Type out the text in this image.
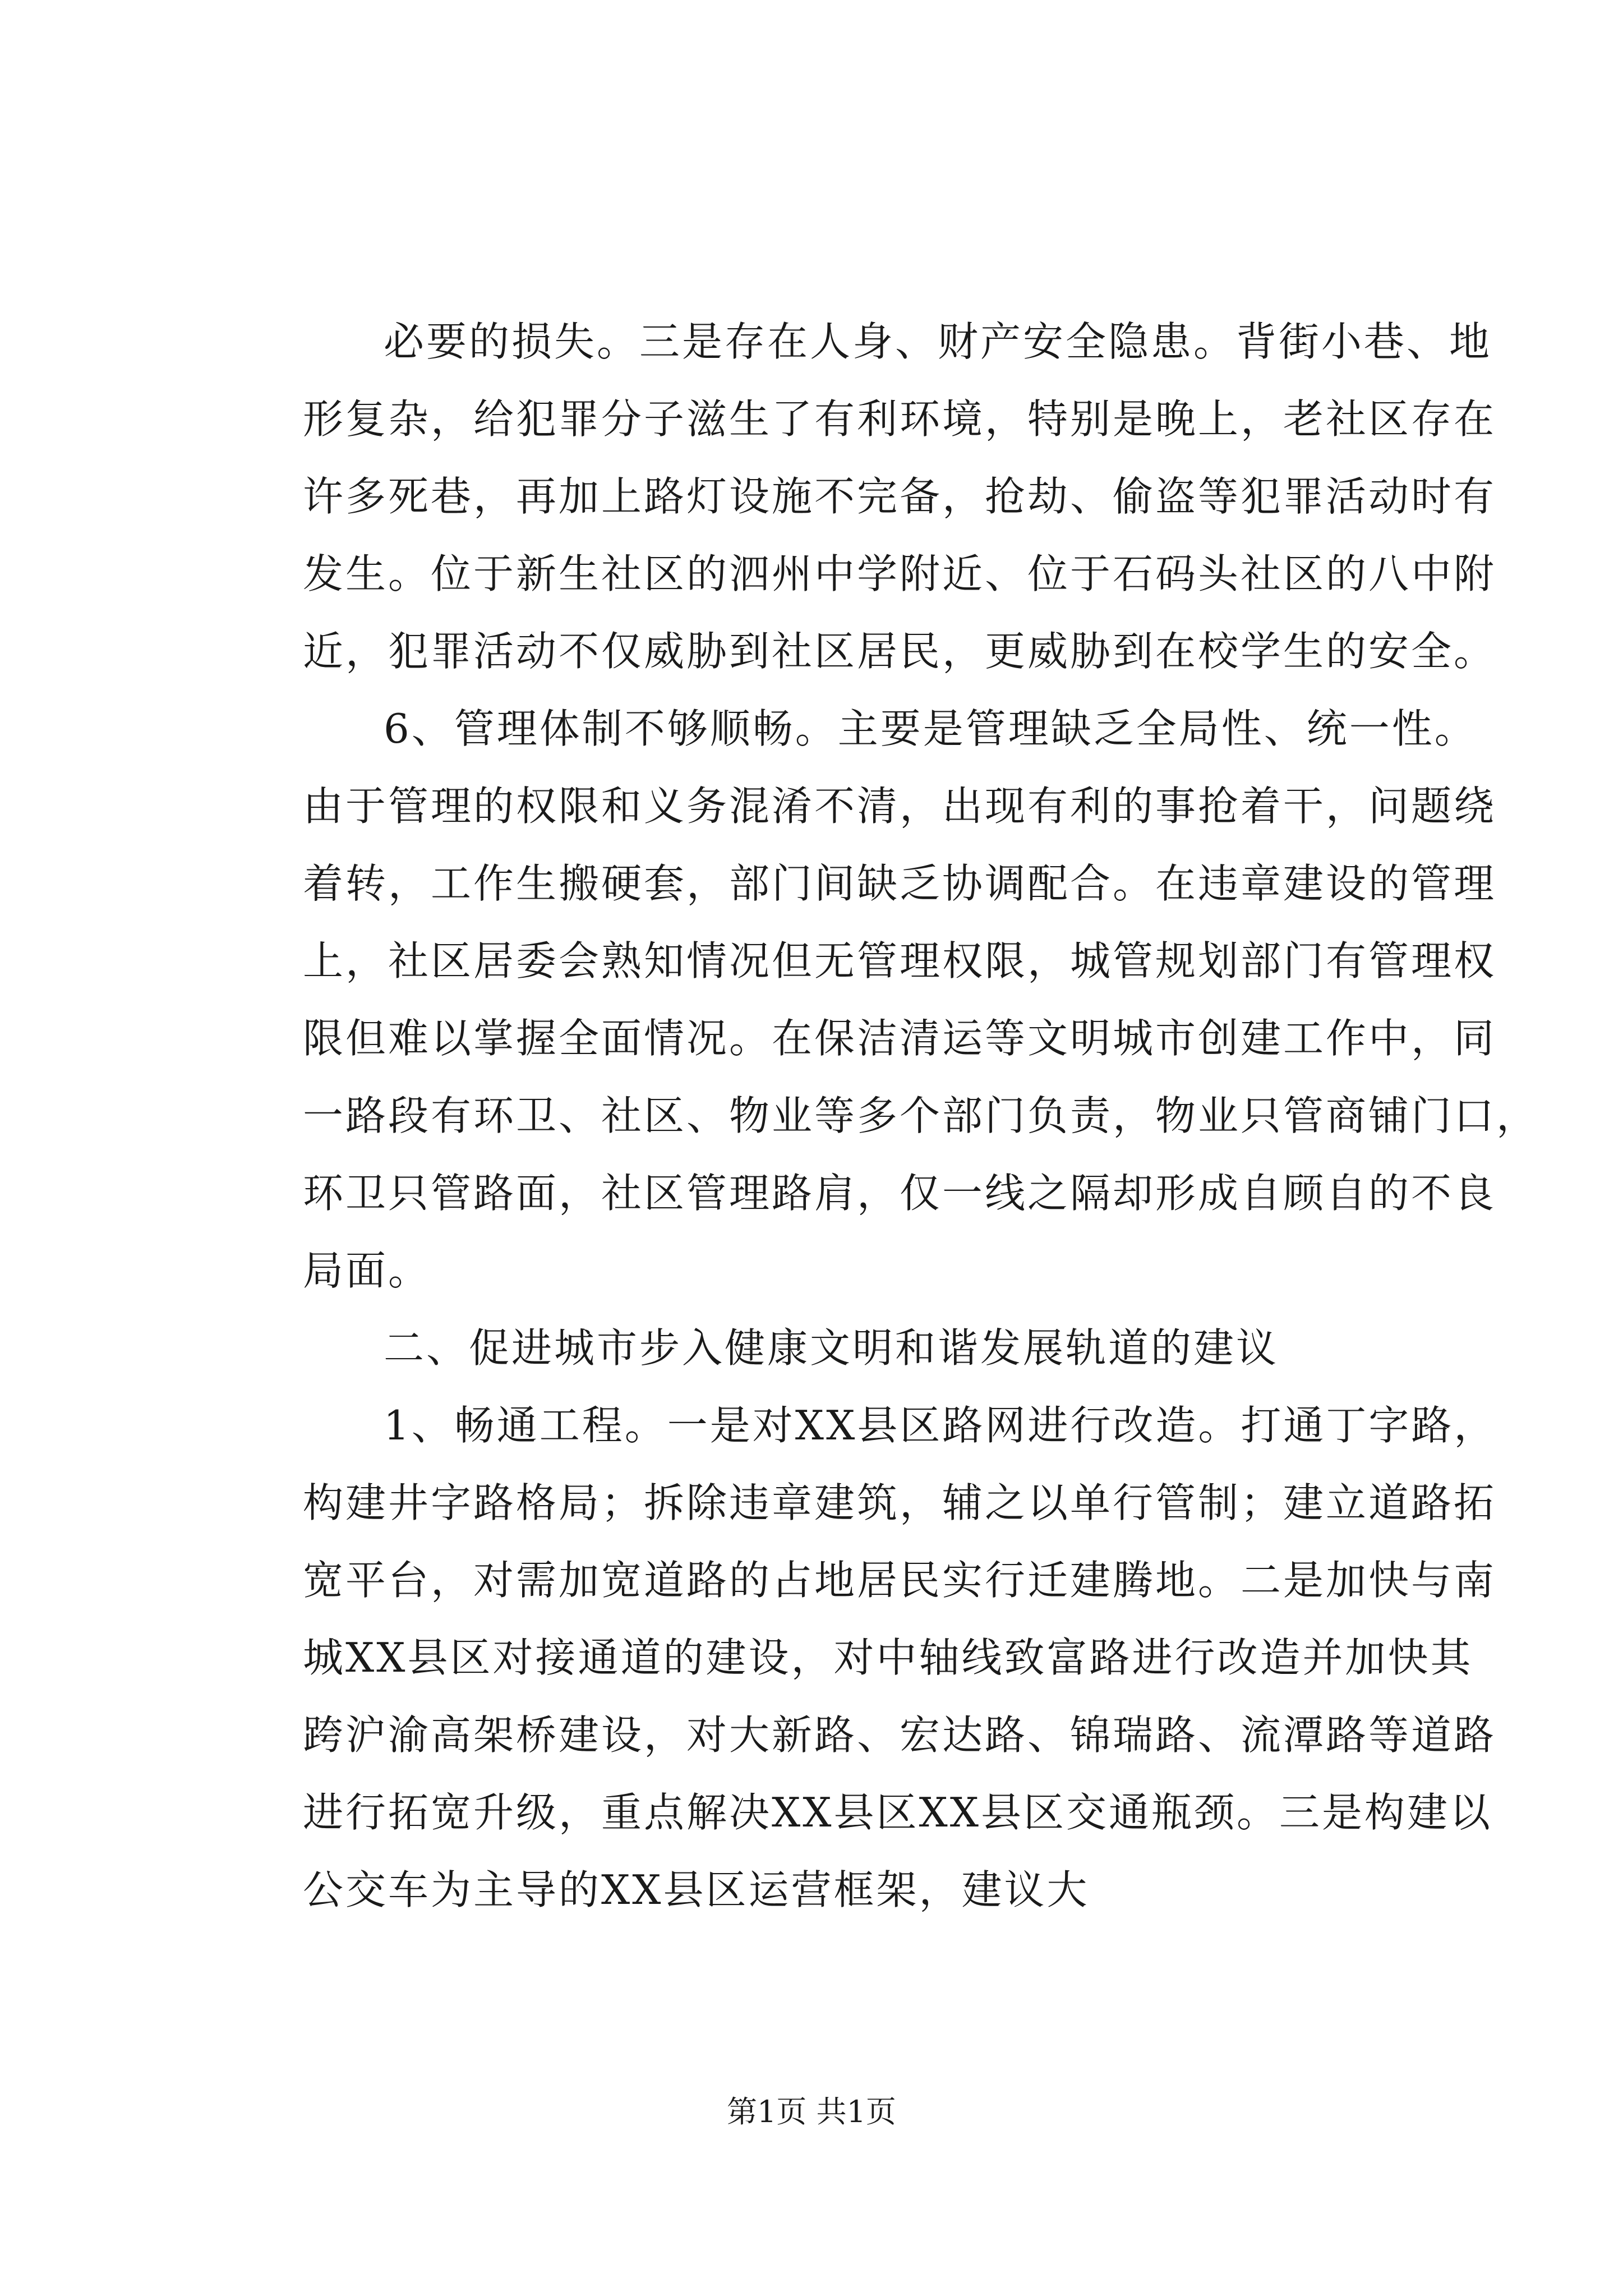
必要的损失。三是存在人身、财产安全隐患。背街小巷、地
形复杂，给犯罪分子滋生了有利环境，特别是晚上，老社区存在
许多死巷，再加上路灯设施不完备，抢劫、偷盗等犯罪活动时有
发生。位于新生社区的泗州中学附近、位于石码头社区的八中附
近，犯罪活动不仅威胁到社区居民，更威胁到在校学生的安全。
6、管理体制不够顺畅。主要是管理缺乏全局性、统一性。
由于管理的权限和义务混淆不清，出现有利的事抢着干，问题绕
着转，工作生搬硬套，部门间缺乏协调配合。在违章建设的管理
上，社区居委会熟知情况但无管理权限，城管规划部门有管理权
限但难以掌握全面情况。在保洁清运等文明城市创建工作中，同
一路段有环卫、社区、物业等多个部门负责，物业只管商铺门口，
环卫只管路面，社区管理路肩，仅一线之隔却形成自顾自的不良
局面。
二、促进城市步入健康文明和谐发展轨道的建议
1、畅通工程。一是对XX县区路网进行改造。打通丁字路，
构建井字路格局；拆除违章建筑，辅之以单行管制；建立道路拓
宽平台，对需加宽道路的占地居民实行迁建腾地。二是加快与南
城XX县区对接通道的建设，对中轴线致富路进行改造并加快其
跨沪渝高架桥建设，对大新路、宏达路、锦瑞路、流潭路等道路
进行拓宽升级，重点解决XX县区XX县区交通瓶颈。三是构建以
公交车为主导的XX县区运营框架，建议大
第1页 共1页
